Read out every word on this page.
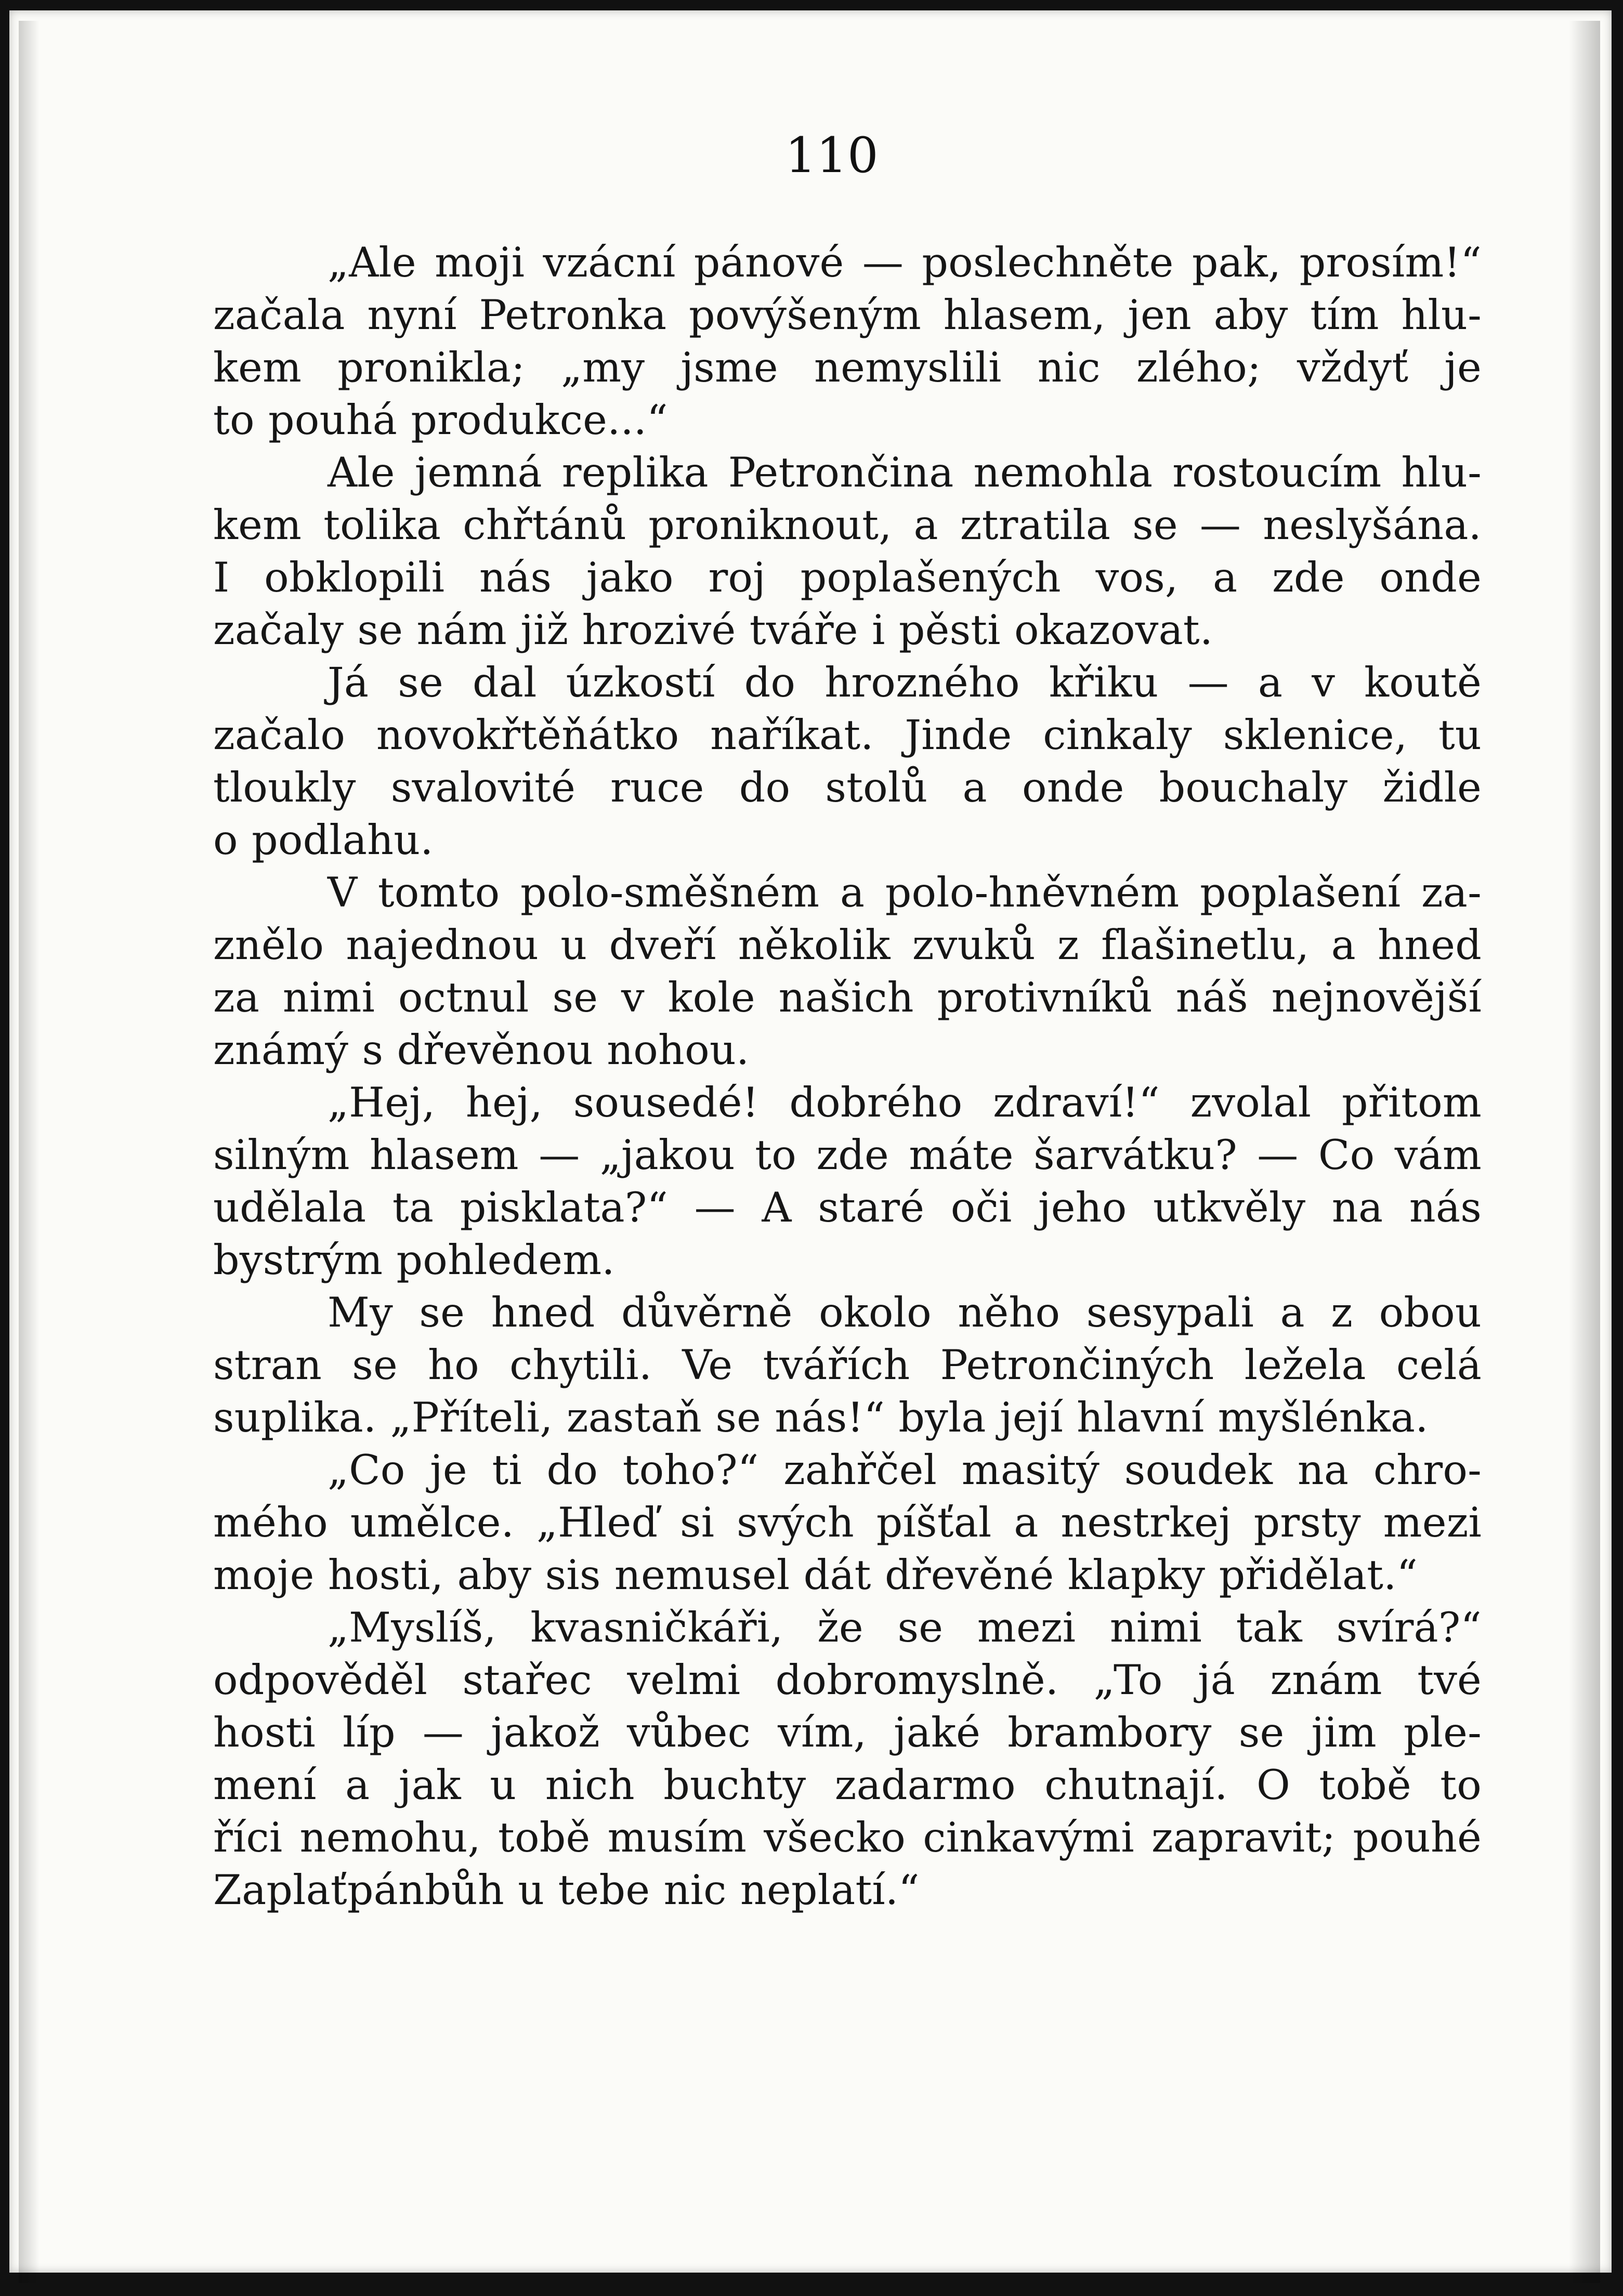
110
„Ale moji vzácní pánové — poslechněte pak, prosím!“
začala nyní Petronka povýšeným hlasem, jen aby tím hlu-
kem pronikla; „my jsme nemyslili nic zlého; vždyť je
to pouhá produkce...“
Ale jemná replika Petrončina nemohla rostoucím hlu-
kem tolika chřtánů proniknout, a ztratila se — neslyšána.
I obklopili nás jako roj poplašených vos, a zde onde
začaly se nám již hrozivé tváře i pěsti okazovat.
Já se dal úzkostí do hrozného křiku — a v koutě
začalo novokřtěňátko naříkat. Jinde cinkaly sklenice, tu
tloukly svalovité ruce do stolů a onde bouchaly židle
o podlahu.
V tomto polo-směšném a polo-hněvném poplašení za-
znělo najednou u dveří několik zvuků z flašinetlu, a hned
za nimi octnul se v kole našich protivníků náš nejnovější
známý s dřevěnou nohou.
„Hej, hej, sousedé! dobrého zdraví!“ zvolal přitom
silným hlasem — „jakou to zde máte šarvátku? — Co vám
udělala ta pisklata?“ — A staré oči jeho utkvěly na nás
bystrým pohledem.
My se hned důvěrně okolo něho sesypali a z obou
stran se ho chytili. Ve tvářích Petrončiných ležela celá
suplika. „Příteli, zastaň se nás!“ byla její hlavní myšlénka.
„Co je ti do toho?“ zahřčel masitý soudek na chro-
mého umělce. „Hleď si svých píšťal a nestrkej prsty mezi
moje hosti, aby sis nemusel dát dřevěné klapky přidělat.“
„Myslíš, kvasničkáři, že se mezi nimi tak svírá?“
odpověděl stařec velmi dobromyslně. „To já znám tvé
hosti líp — jakož vůbec vím, jaké brambory se jim ple-
mení a jak u nich buchty zadarmo chutnají. O tobě to
říci nemohu, tobě musím všecko cinkavými zapravit; pouhé
Zaplaťpánbůh u tebe nic neplatí.“
